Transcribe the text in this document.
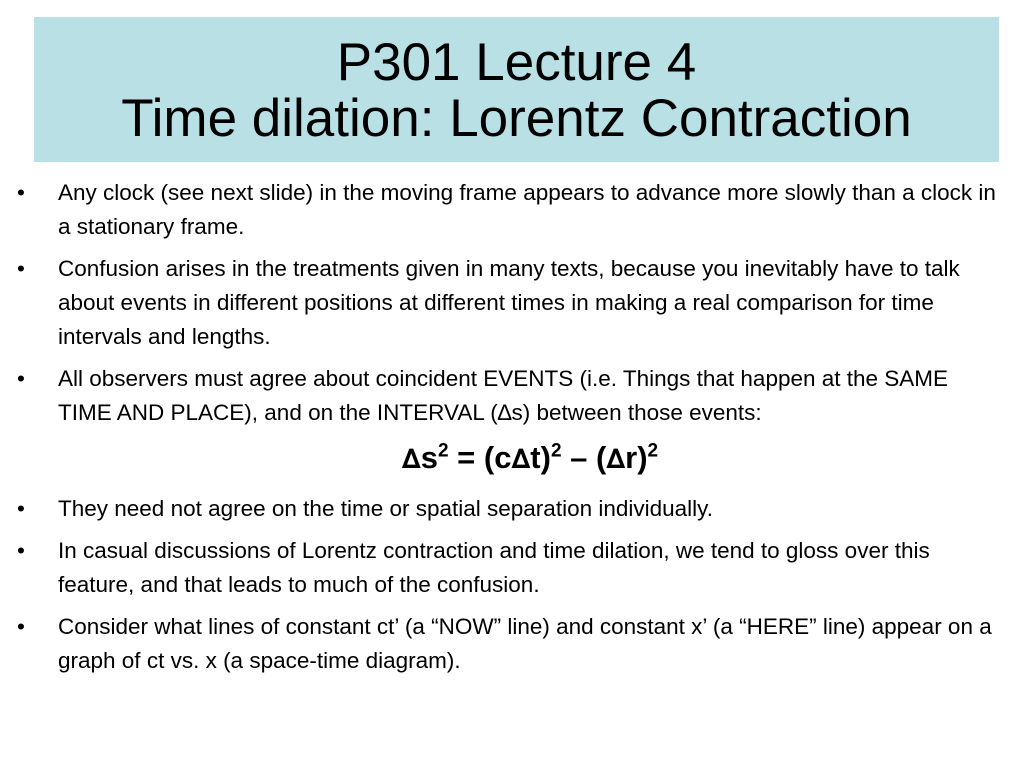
P301 Lecture 4
Time dilation: Lorentz Contraction
•	Any clock (see next slide) in the moving frame appears to advance more slowly than a clock in a stationary frame.
•	Confusion arises in the treatments given in many texts, because you inevitably have to talk about events in different positions at different times in making a real comparison for time intervals and lengths.
•	All observers must agree about coincident EVENTS (i.e. Things that happen at the SAME TIME AND PLACE), and on the INTERVAL (∆s) between those events:
$\Delta s^2 = (c\Delta t)^2 - (\Delta r)^2$
•	They need not agree on the time or spatial separation individually.
•	In casual discussions of Lorentz contraction and time dilation, we tend to gloss over this feature, and that leads to much of the confusion.
•	Consider what lines of constant ct’ (a “NOW” line) and constant x’ (a “HERE” line) appear on a graph of ct vs. x (a space-time diagram).
